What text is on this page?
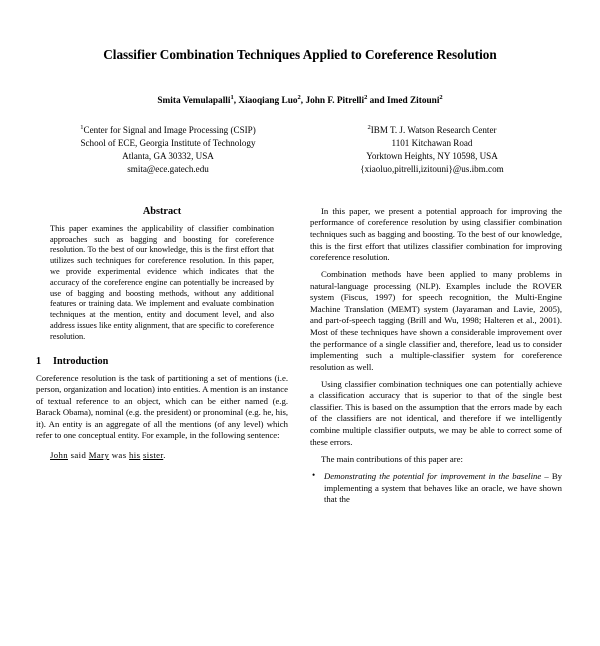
Classifier Combination Techniques Applied to Coreference Resolution
Smita Vemulapalli$^1$, Xiaoqiang Luo$^2$, John F. Pitrelli$^2$ and Imed Zitouni$^2$
$^1$Center for Signal and Image Processing (CSIP)
School of ECE, Georgia Institute of Technology
Atlanta, GA 30332, USA
smita@ece.gatech.edu
$^2$IBM T. J. Watson Research Center
1101 Kitchawan Road
Yorktown Heights, NY 10598, USA
{xiaoluo,pitrelli,izitouni}@us.ibm.com
Abstract

This paper examines the applicability of classifier combination approaches such as bagging and boosting for coreference resolution. To the best of our knowledge, this is the first effort that utilizes such techniques for coreference resolution. In this paper, we provide experimental evidence which indicates that the accuracy of the coreference engine can potentially be increased by use of bagging and boosting methods, without any additional features or training data. We implement and evaluate combination techniques at the mention, entity and document level, and also address issues like entity alignment, that are specific to coreference resolution.

1 Introduction

Coreference resolution is the task of partitioning a set of mentions (i.e. person, organization and location) into entities. A mention is an instance of textual reference to an object, which can be either named (e.g. Barack Obama), nominal (e.g. the president) or pronominal (e.g. he, his, it). An entity is an aggregate of all the mentions (of any level) which refer to one conceptual entity. For example, in the following sentence:

John said Mary was his sister.

In this paper, we present a potential approach for improving the performance of coreference resolution by using classifier combination techniques such as bagging and boosting. To the best of our knowledge, this is the first effort that utilizes classifier combination for improving coreference resolution.

Combination methods have been applied to many problems in natural-language processing (NLP). Examples include the ROVER system (Fiscus, 1997) for speech recognition, the Multi-Engine Machine Translation (MEMT) system (Jayaraman and Lavie, 2005), and part-of-speech tagging (Brill and Wu, 1998; Halteren et al., 2001). Most of these techniques have shown a considerable improvement over the performance of a single classifier and, therefore, lead us to consider implementing such a multiple-classifier system for coreference resolution as well.

Using classifier combination techniques one can potentially achieve a classification accuracy that is superior to that of the single best classifier. This is based on the assumption that the errors made by each of the classifiers are not identical, and therefore if we intelligently combine multiple classifier outputs, we may be able to correct some of these errors.

The main contributions of this paper are:

• Demonstrating the potential for improvement in the baseline – By implementing a system that behaves like an oracle, we have shown that the
